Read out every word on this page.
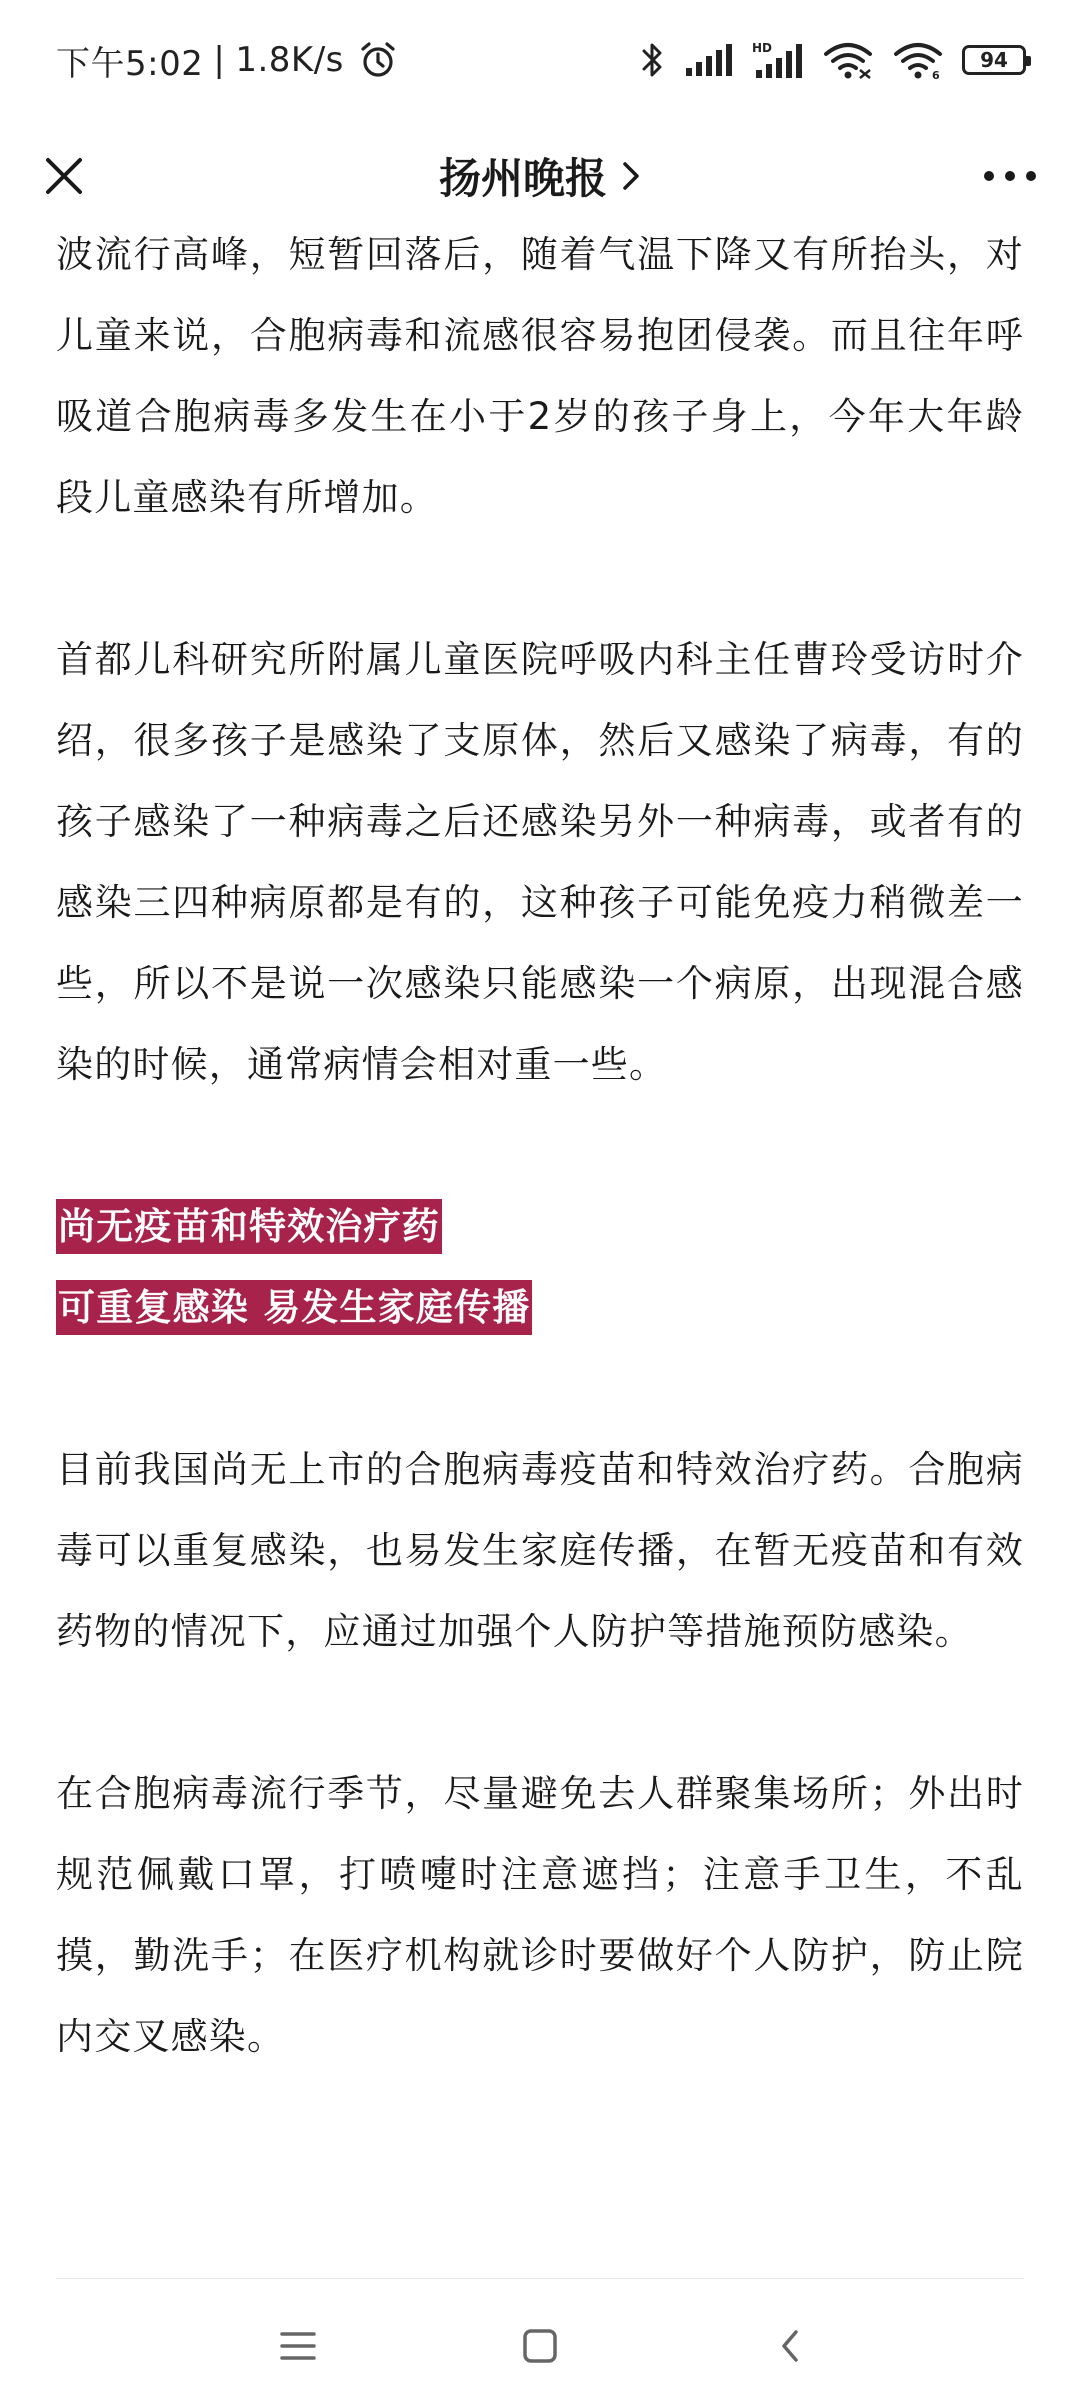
下午5:02 | 1.8K/s	HD
6
94
扬州晚报

波流行高峰，短暂回落后，随着气温下降又有所抬头，对儿童来说，合胞病毒和流感很容易抱团侵袭。而且往年呼吸道合胞病毒多发生在小于2岁的孩子身上，今年大年龄段儿童感染有所增加。

首都儿科研究所附属儿童医院呼吸内科主任曹玲受访时介绍，很多孩子是感染了支原体，然后又感染了病毒，有的孩子感染了一种病毒之后还感染另外一种病毒，或者有的感染三四种病原都是有的，这种孩子可能免疫力稍微差一些，所以不是说一次感染只能感染一个病原，出现混合感染的时候，通常病情会相对重一些。

尚无疫苗和特效治疗药

可重复感染 易发生家庭传播

目前我国尚无上市的合胞病毒疫苗和特效治疗药。合胞病毒可以重复感染，也易发生家庭传播，在暂无疫苗和有效药物的情况下，应通过加强个人防护等措施预防感染。

在合胞病毒流行季节，尽量避免去人群聚集场所；外出时规范佩戴口罩，打喷嚏时注意遮挡；注意手卫生，不乱摸，勤洗手；在医疗机构就诊时要做好个人防护，防止院内交叉感染。
